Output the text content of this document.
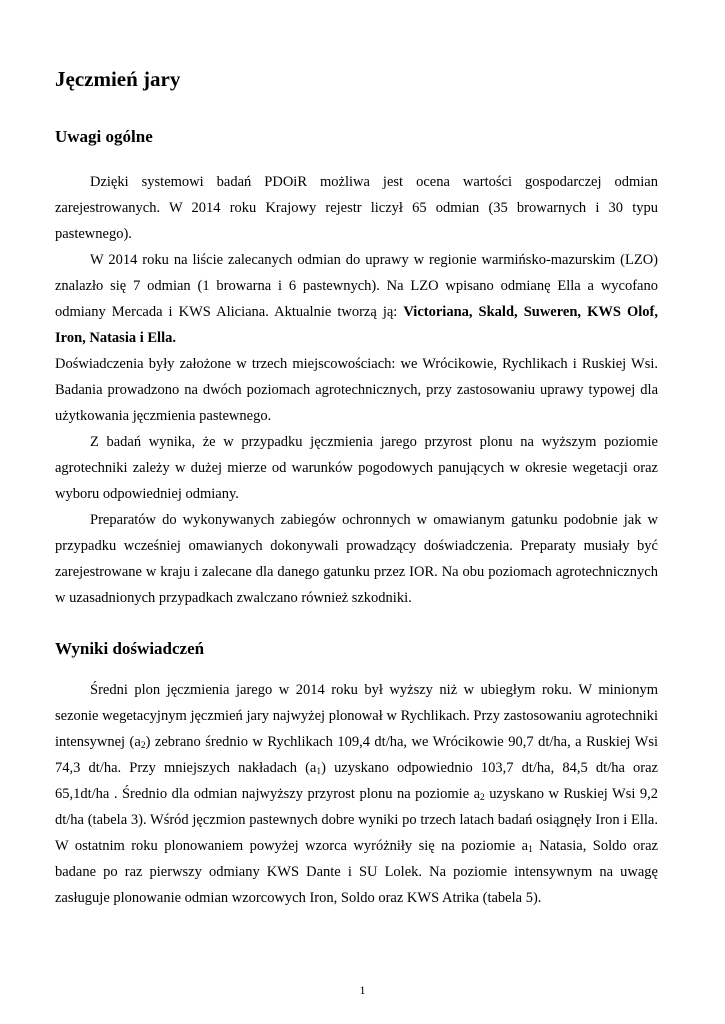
Jęczmień jary
Uwagi ogólne

Dzięki systemowi badań PDOiR możliwa jest ocena wartości gospodarczej odmian zarejestrowanych. W 2014 roku Krajowy rejestr liczył 65 odmian (35 browarnych i 30 typu pastewnego).

W 2014 roku na liście zalecanych odmian do uprawy w regionie warmińsko-mazurskim (LZO) znalazło się 7 odmian (1 browarna i 6 pastewnych). Na LZO wpisano odmianę Ella a wycofano odmiany Mercada i KWS Aliciana. Aktualnie tworzą ją: Victoriana, Skald, Suweren, KWS Olof, Iron, Natasia i Ella.

Doświadczenia były założone w trzech miejscowościach: we Wrócikowie, Rychlikach i Ruskiej Wsi. Badania prowadzono na dwóch poziomach agrotechnicznych, przy zastosowaniu uprawy typowej dla użytkowania jęczmienia pastewnego.

Z badań wynika, że w przypadku jęczmienia jarego przyrost plonu na wyższym poziomie agrotechniki zależy w dużej mierze od warunków pogodowych panujących w okresie wegetacji oraz wyboru odpowiedniej odmiany.

Preparatów do wykonywanych zabiegów ochronnych w omawianym gatunku podobnie jak w przypadku wcześniej omawianych dokonywali prowadzący doświadczenia. Preparaty musiały być zarejestrowane w kraju i zalecane dla danego gatunku przez IOR. Na obu poziomach agrotechnicznych w uzasadnionych przypadkach zwalczano również szkodniki.

Wyniki doświadczeń

Średni plon jęczmienia jarego w 2014 roku był wyższy niż w ubiegłym roku. W minionym sezonie wegetacyjnym jęczmień jary najwyżej plonował w Rychlikach. Przy zastosowaniu agrotechniki intensywnej $(a_2)$ zebrano średnio w Rychlikach 109,4 dt/ha, we Wrócikowie 90,7 dt/ha, a Ruskiej Wsi 74,3 dt/ha. Przy mniejszych nakładach $(a_1)$ uzyskano odpowiednio 103,7 dt/ha, 84,5 dt/ha oraz 65,1dt/ha . Średnio dla odmian najwyższy przyrost plonu na poziomie $a_2$ uzyskano w Ruskiej Wsi 9,2 dt/ha (tabela 3). Wśród jęczmion pastewnych dobre wyniki po trzech latach badań osiągnęły Iron i Ella. W ostatnim roku plonowaniem powyżej wzorca wyróżniły się na poziomie $a_1$ Natasia, Soldo oraz badane po raz pierwszy odmiany KWS Dante i SU Lolek. Na poziomie intensywnym na uwagę zasługuje plonowanie odmian wzorcowych Iron, Soldo oraz KWS Atrika (tabela 5).

1
